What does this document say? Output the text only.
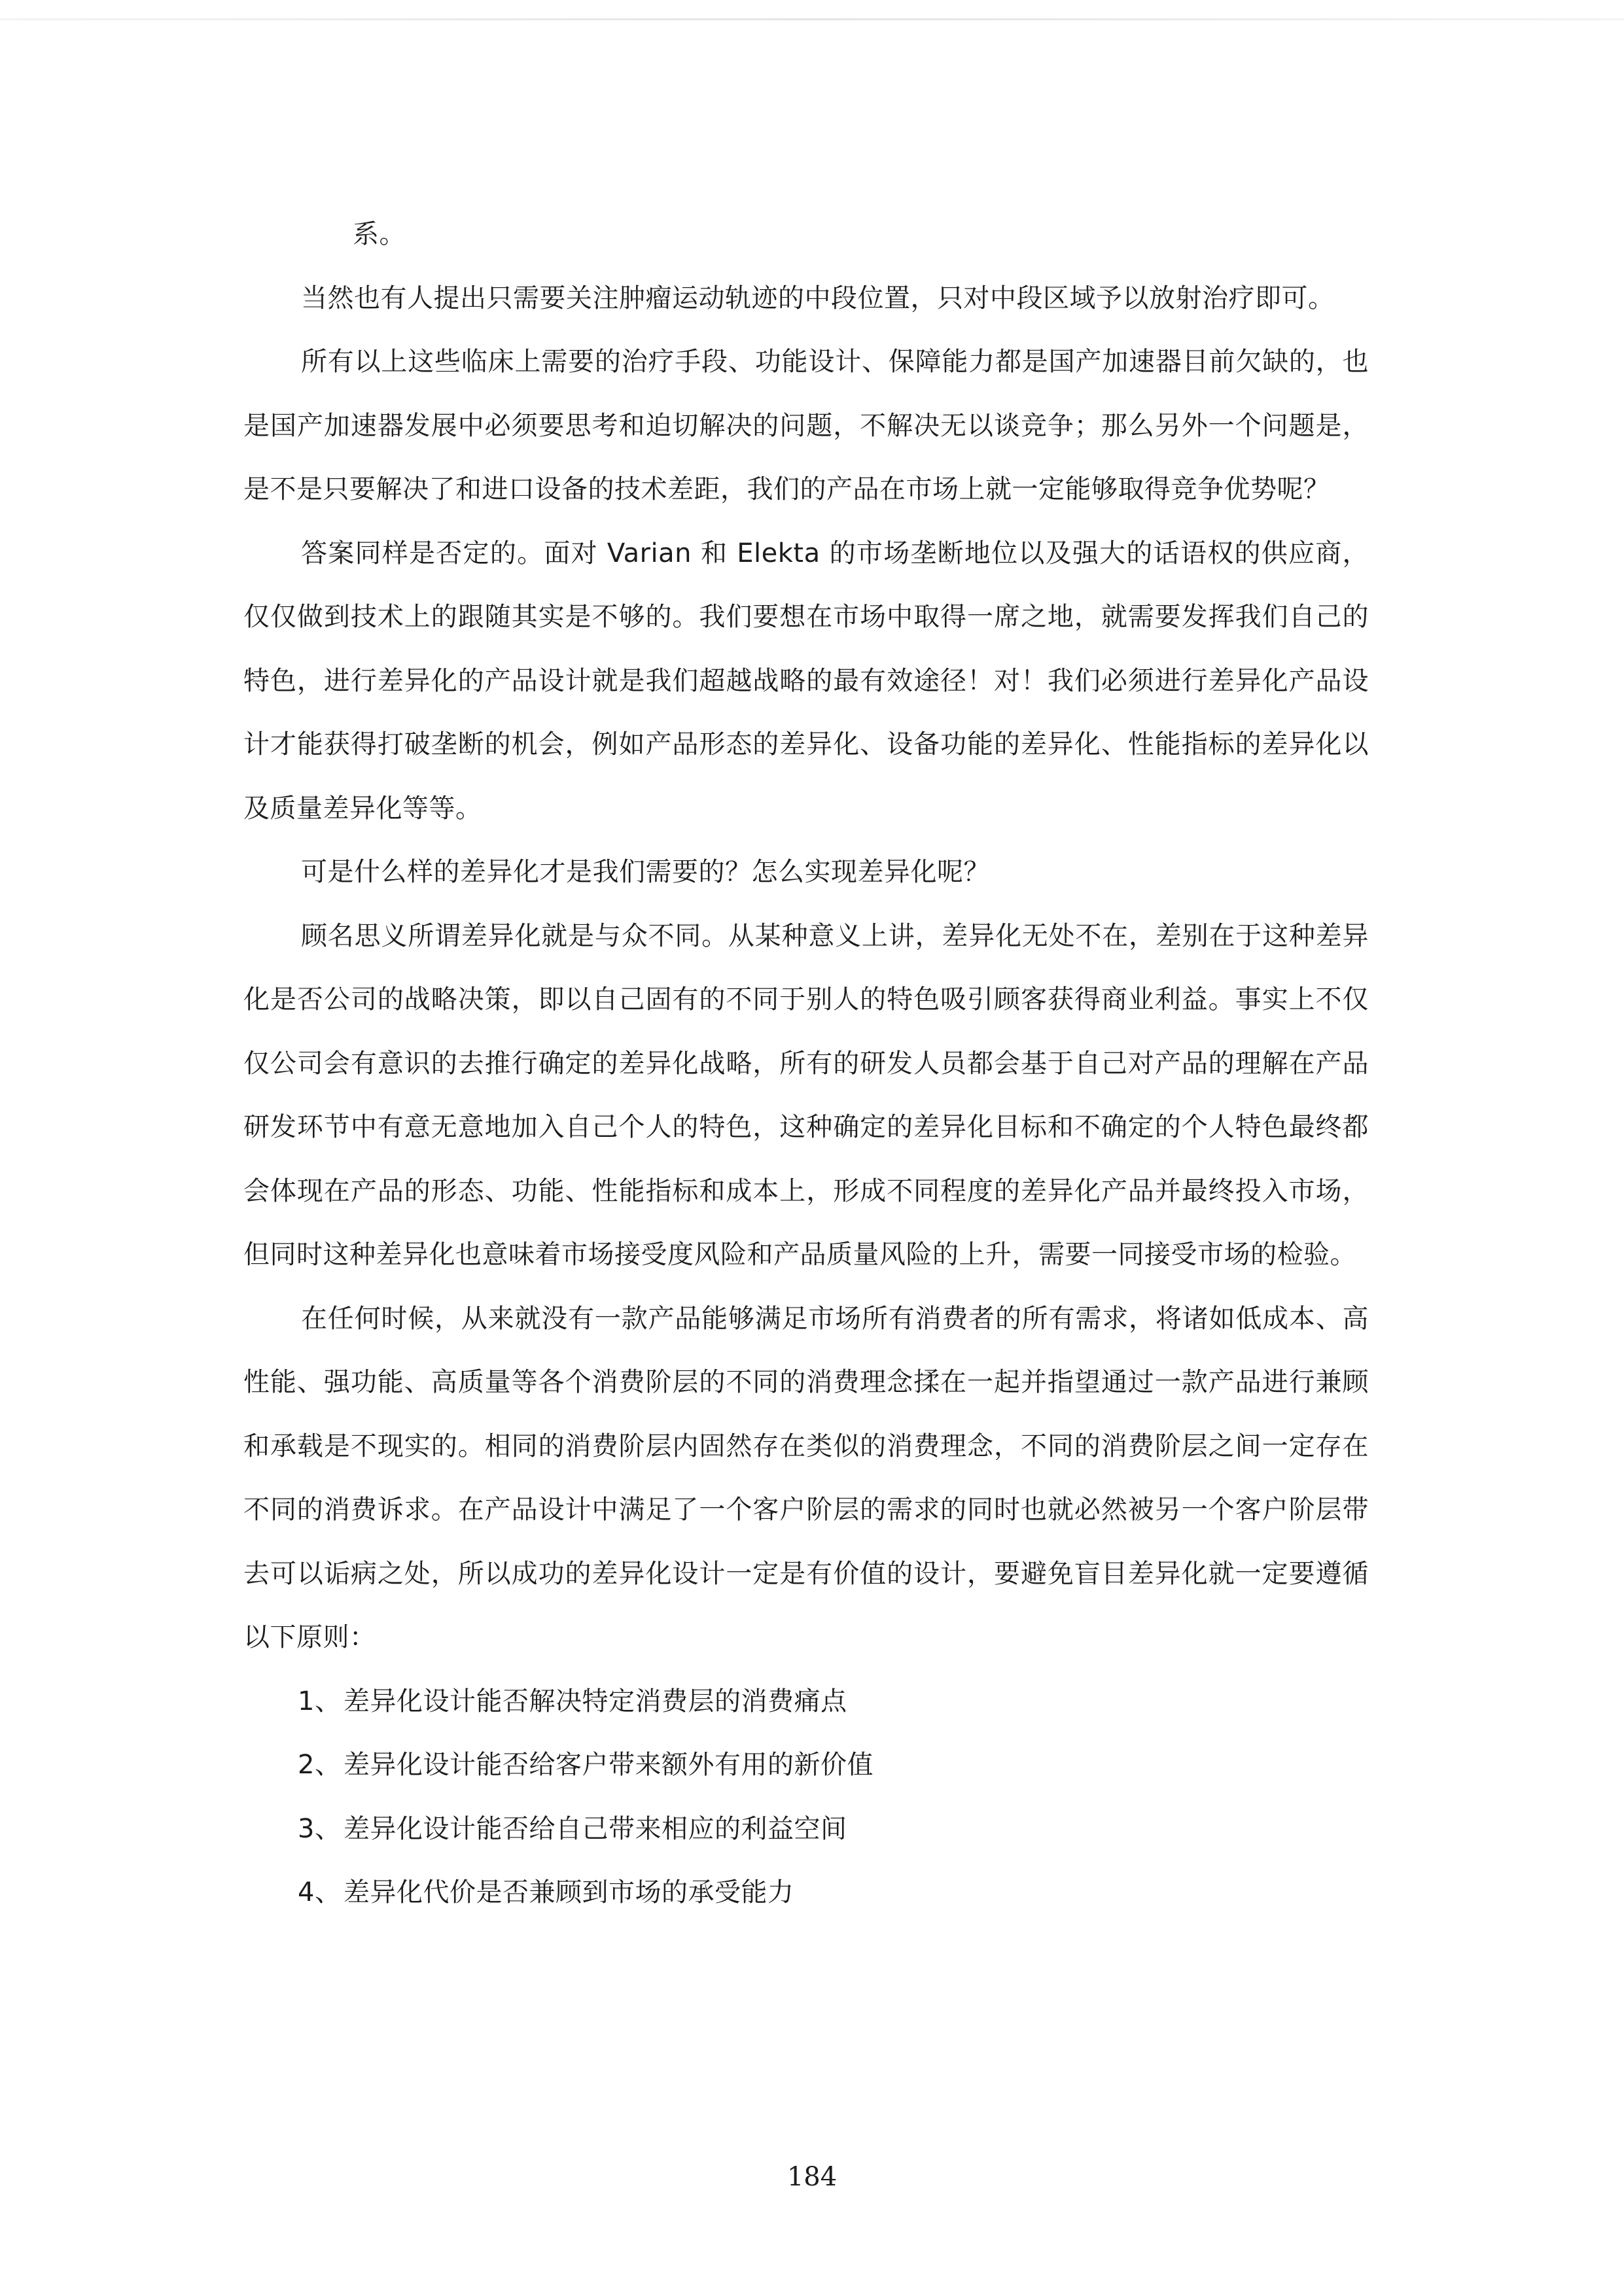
系。

当然也有人提出只需要关注肿瘤运动轨迹的中段位置，只对中段区域予以放射治疗即可。

所有以上这些临床上需要的治疗手段、功能设计、保障能力都是国产加速器目前欠缺的，也是国产加速器发展中必须要思考和迫切解决的问题，不解决无以谈竞争；那么另外一个问题是，是不是只要解决了和进口设备的技术差距，我们的产品在市场上就一定能够取得竞争优势呢？

答案同样是否定的。面对 Varian 和 Elekta 的市场垄断地位以及强大的话语权的供应商，仅仅做到技术上的跟随其实是不够的。我们要想在市场中取得一席之地，就需要发挥我们自己的特色，进行差异化的产品设计就是我们超越战略的最有效途径！对！我们必须进行差异化产品设计才能获得打破垄断的机会，例如产品形态的差异化、设备功能的差异化、性能指标的差异化以及质量差异化等等。

可是什么样的差异化才是我们需要的？怎么实现差异化呢？

顾名思义所谓差异化就是与众不同。从某种意义上讲，差异化无处不在，差别在于这种差异化是否公司的战略决策，即以自己固有的不同于别人的特色吸引顾客获得商业利益。事实上不仅仅公司会有意识的去推行确定的差异化战略，所有的研发人员都会基于自己对产品的理解在产品研发环节中有意无意地加入自己个人的特色，这种确定的差异化目标和不确定的个人特色最终都会体现在产品的形态、功能、性能指标和成本上，形成不同程度的差异化产品并最终投入市场，但同时这种差异化也意味着市场接受度风险和产品质量风险的上升，需要一同接受市场的检验。

在任何时候，从来就没有一款产品能够满足市场所有消费者的所有需求，将诸如低成本、高性能、强功能、高质量等各个消费阶层的不同的消费理念揉在一起并指望通过一款产品进行兼顾和承载是不现实的。相同的消费阶层内固然存在类似的消费理念，不同的消费阶层之间一定存在不同的消费诉求。在产品设计中满足了一个客户阶层的需求的同时也就必然被另一个客户阶层带去可以诟病之处，所以成功的差异化设计一定是有价值的设计，要避免盲目差异化就一定要遵循以下原则：

1、差异化设计能否解决特定消费层的消费痛点
2、差异化设计能否给客户带来额外有用的新价值
3、差异化设计能否给自己带来相应的利益空间
4、差异化代价是否兼顾到市场的承受能力
184
